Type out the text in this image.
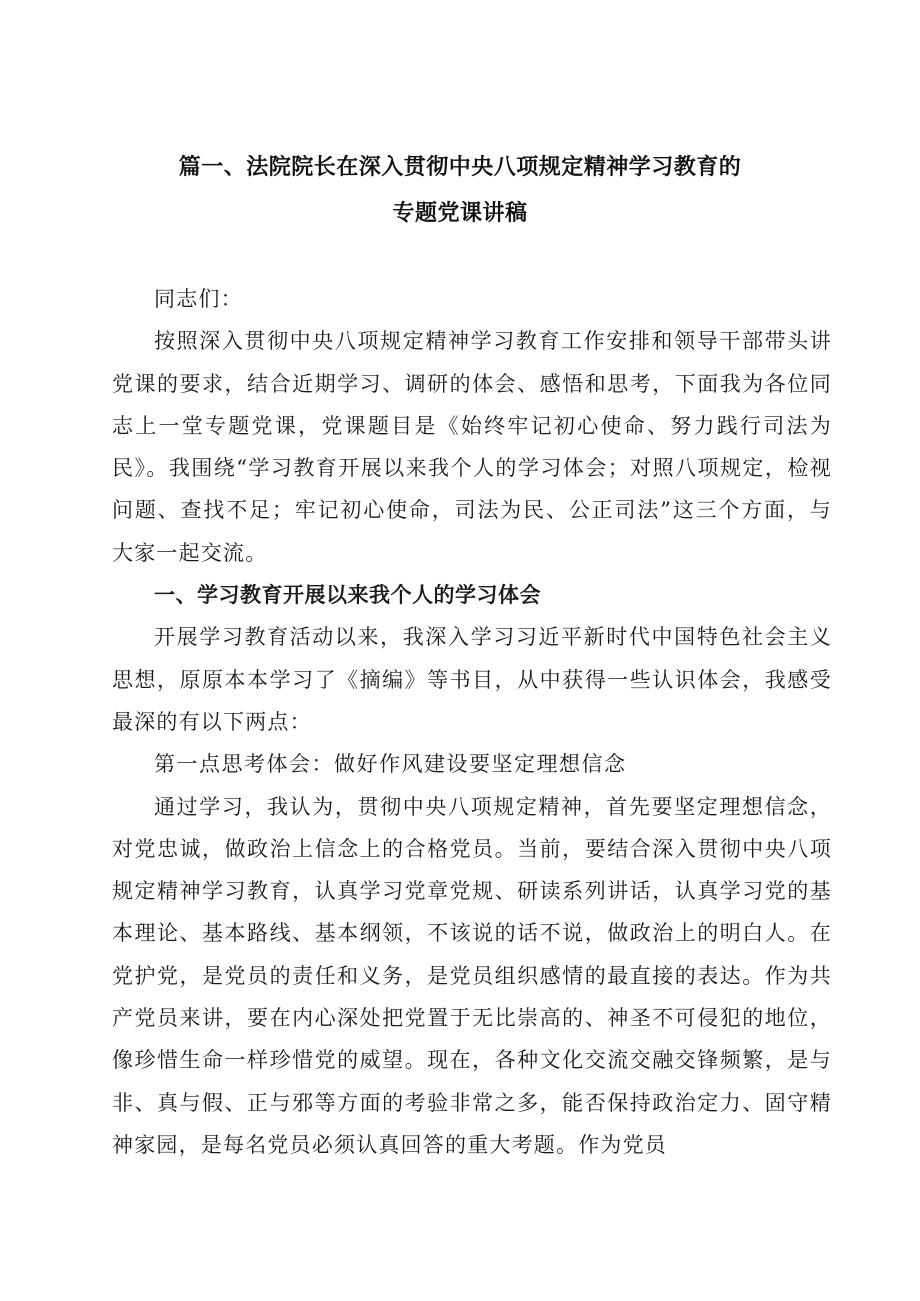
篇一、法院院长在深入贯彻中央八项规定精神学习教育的
专题党课讲稿

同志们：

按照深入贯彻中央八项规定精神学习教育工作安排和领导干部带头讲党课的要求，结合近期学习、调研的体会、感悟和思考，下面我为各位同志上一堂专题党课，党课题目是《始终牢记初心使命、努力践行司法为民》。我围绕“学习教育开展以来我个人的学习体会；对照八项规定，检视问题、查找不足；牢记初心使命，司法为民、公正司法”这三个方面，与大家一起交流。

一、学习教育开展以来我个人的学习体会

开展学习教育活动以来，我深入学习习近平新时代中国特色社会主义思想，原原本本学习了《摘编》等书目，从中获得一些认识体会，我感受最深的有以下两点：

第一点思考体会：做好作风建设要坚定理想信念

通过学习，我认为，贯彻中央八项规定精神，首先要坚定理想信念，对党忠诚，做政治上信念上的合格党员。当前，要结合深入贯彻中央八项规定精神学习教育，认真学习党章党规、研读系列讲话，认真学习党的基本理论、基本路线、基本纲领，不该说的话不说，做政治上的明白人。在党护党，是党员的责任和义务，是党员组织感情的最直接的表达。作为共产党员来讲，要在内心深处把党置于无比崇高的、神圣不可侵犯的地位，像珍惜生命一样珍惜党的威望。现在，各种文化交流交融交锋频繁，是与非、真与假、正与邪等方面的考验非常之多，能否保持政治定力、固守精神家园，是每名党员必须认真回答的重大考题。作为党员
